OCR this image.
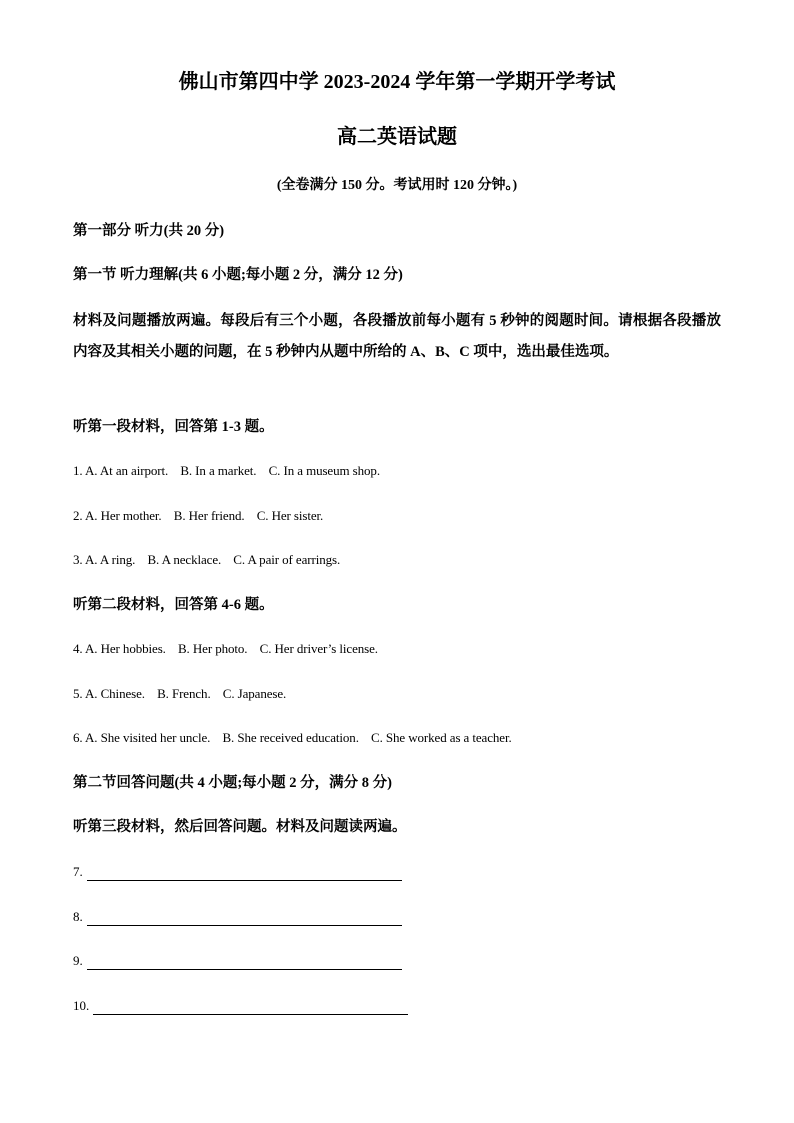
佛山市第四中学 2023-2024 学年第一学期开学考试
高二英语试题
(全卷满分 150 分。考试用时 120 分钟。)
第一部分 听力(共 20 分)
第一节 听力理解(共 6 小题;每小题 2 分，满分 12 分)
材料及问题播放两遍。每段后有三个小题，各段播放前每小题有 5 秒钟的阅题时间。请根据各段播放内容及其相关小题的问题，在 5 秒钟内从题中所给的 A、B、C 项中，选出最佳选项。
听第一段材料，回答第 1-3 题。
1. A. At an airport. B. In a market. C. In a museum shop.
2. A. Her mother. B. Her friend. C. Her sister.
3. A. A ring. B. A necklace. C. A pair of earrings.
听第二段材料，回答第 4-6 题。
4. A. Her hobbies. B. Her photo. C. Her driver’s license.
5. A. Chinese. B. French. C. Japanese.
6. A. She visited her uncle. B. She received education. C. She worked as a teacher.
第二节回答问题(共 4 小题;每小题 2 分，满分 8 分)
听第三段材料，然后回答问题。材料及问题读两遍。
7.
8.
9.
10.
